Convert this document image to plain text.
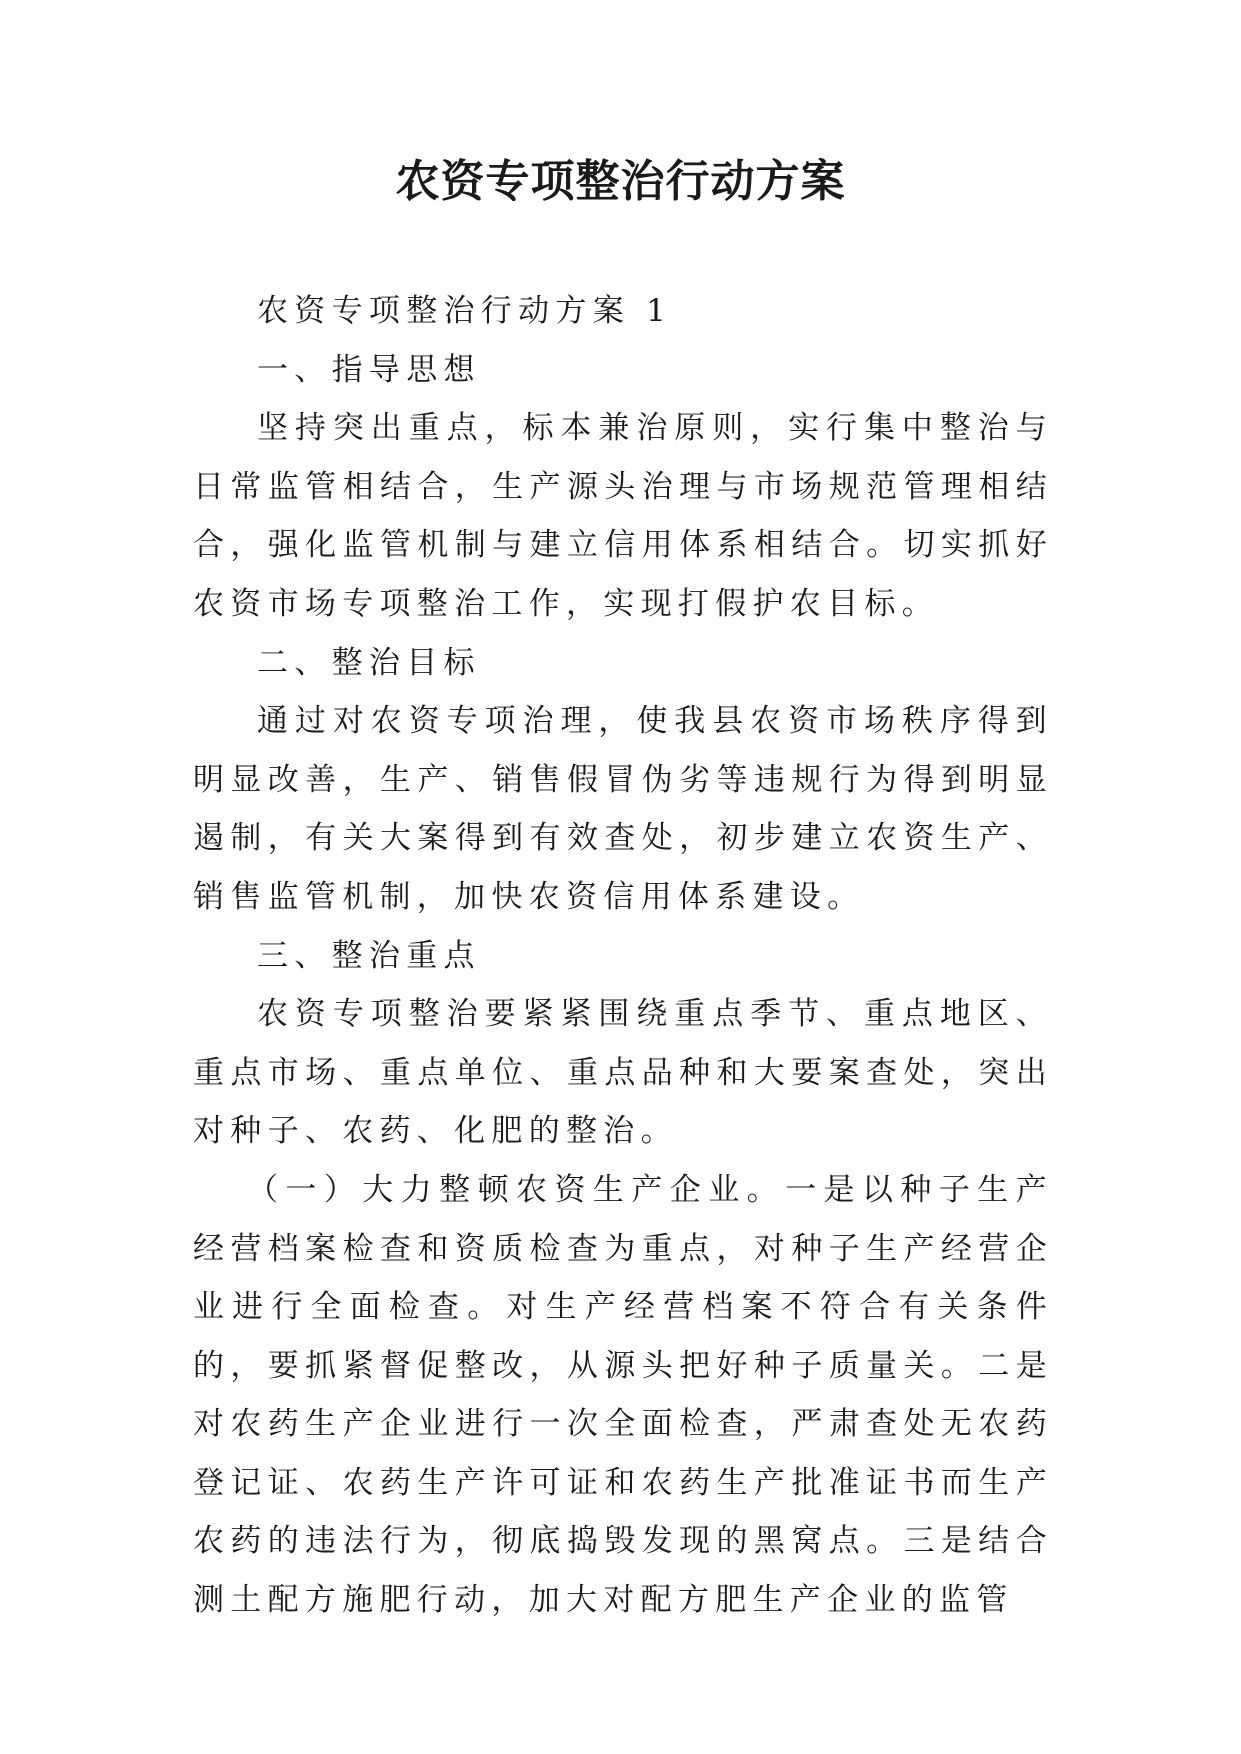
农资专项整治行动方案

农资专项整治行动方案 1

一、指导思想

坚持突出重点，标本兼治原则，实行集中整治与日常监管相结合，生产源头治理与市场规范管理相结合，强化监管机制与建立信用体系相结合。切实抓好农资市场专项整治工作，实现打假护农目标。

二、整治目标

通过对农资专项治理，使我县农资市场秩序得到明显改善，生产、销售假冒伪劣等违规行为得到明显遏制，有关大案得到有效查处，初步建立农资生产、销售监管机制，加快农资信用体系建设。

三、整治重点

农资专项整治要紧紧围绕重点季节、重点地区、重点市场、重点单位、重点品种和大要案查处，突出对种子、农药、化肥的整治。

（一）大力整顿农资生产企业。一是以种子生产经营档案检查和资质检查为重点，对种子生产经营企业进行全面检查。对生产经营档案不符合有关条件的，要抓紧督促整改，从源头把好种子质量关。二是对农药生产企业进行一次全面检查，严肃查处无农药登记证、农药生产许可证和农药生产批准证书而生产农药的违法行为，彻底捣毁发现的黑窝点。三是结合测土配方施肥行动，加大对配方肥生产企业的监管
